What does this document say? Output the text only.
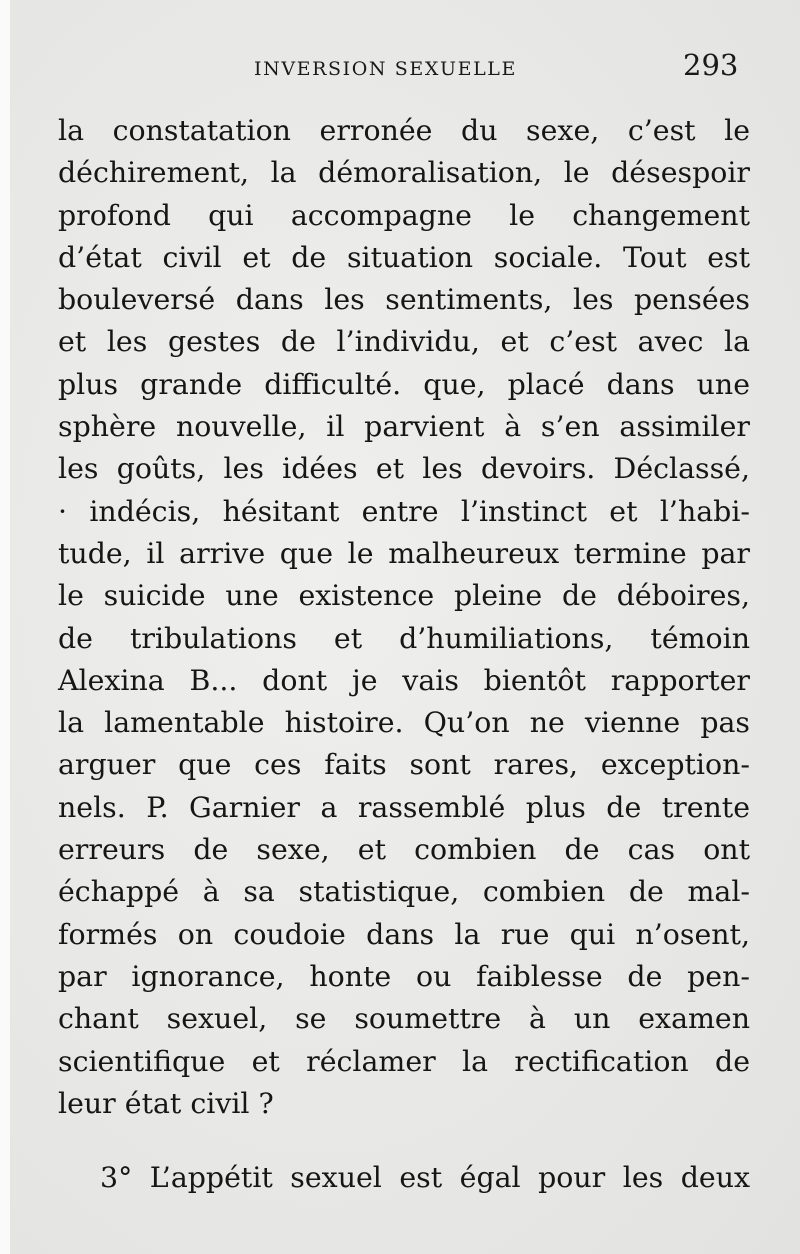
INVERSION SEXUELLE	293
la constatation erronée du sexe, c’est le
déchirement, la démoralisation, le désespoir
profond qui accompagne le changement
d’état civil et de situation sociale. Tout est
bouleversé dans les sentiments, les pensées
et les gestes de l’individu, et c’est avec la
plus grande difficulté. que, placé dans une
sphère nouvelle, il parvient à s’en assimiler
les goûts, les idées et les devoirs. Déclassé,
· indécis, hésitant entre l’instinct et l’habi-
tude, il arrive que le malheureux termine par
le suicide une existence pleine de déboires,
de tribulations et d’humiliations, témoin
Alexina B... dont je vais bientôt rapporter
la lamentable histoire. Qu’on ne vienne pas
arguer que ces faits sont rares, exception-
nels. P. Garnier a rassemblé plus de trente
erreurs de sexe, et combien de cas ont
échappé à sa statistique, combien de mal-
formés on coudoie dans la rue qui n’osent,
par ignorance, honte ou faiblesse de pen-
chant sexuel, se soumettre à un examen
scientifique et réclamer la rectification de
leur état civil ?
3° L’appétit sexuel est égal pour les deux
